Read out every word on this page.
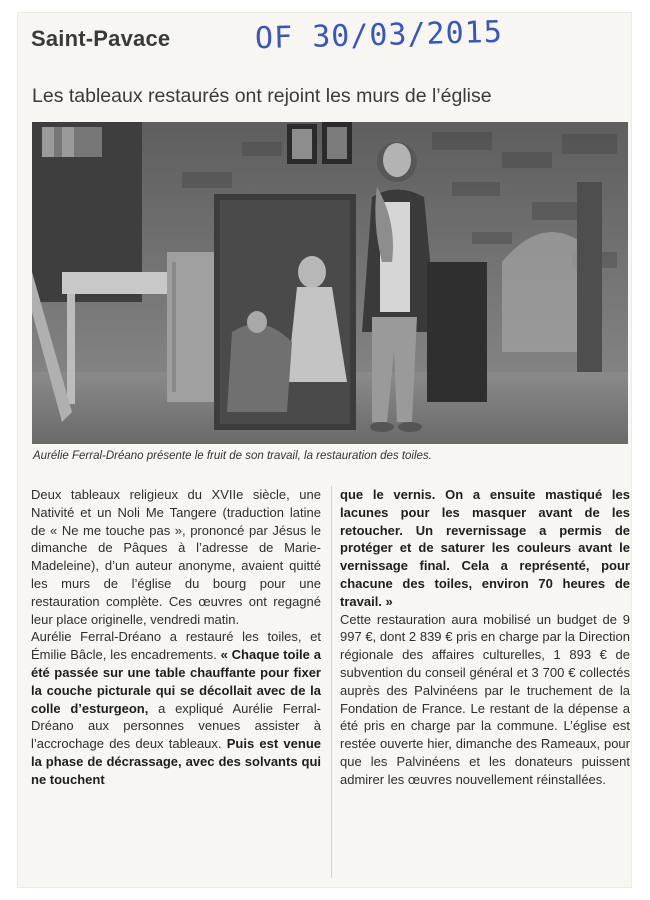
Saint-Pavace	OF 30/03/2015
Les tableaux restaurés ont rejoint les murs de l’église
Aurélie Ferral-Dréano présente le fruit de son travail, la restauration des toiles.

Deux tableaux religieux du XVIIe siècle, une Nativité et un Noli Me Tangere (traduction latine de « Ne me touche pas », prononcé par Jésus le dimanche de Pâques à l’adresse de Marie-Madeleine), d’un auteur anonyme, avaient quitté les murs de l’église du bourg pour une restauration complète. Ces œuvres ont regagné leur place originelle, vendredi matin.

Aurélie Ferral-Dréano a restauré les toiles, et Émilie Bâcle, les encadrements. « Chaque toile a été passée sur une table chauffante pour fixer la couche picturale qui se décollait avec de la colle d’esturgeon, a expliqué Aurélie Ferral-Dréano aux personnes venues assister à l’accrochage des deux tableaux. Puis est venue la phase de décrassage, avec des solvants qui ne touchent

que le vernis. On a ensuite mastiqué les lacunes pour les masquer avant de les retoucher. Un revernissage a permis de protéger et de saturer les couleurs avant le vernissage final. Cela a représenté, pour chacune des toiles, environ 70 heures de travail. »

Cette restauration aura mobilisé un budget de 9 997 €, dont 2 839 € pris en charge par la Direction régionale des affaires culturelles, 1 893 € de subvention du conseil général et 3 700 € collectés auprès des Palvinéens par le truchement de la Fondation de France. Le restant de la dépense a été pris en charge par la commune. L’église est restée ouverte hier, dimanche des Rameaux, pour que les Palvinéens et les donateurs puissent admirer les œuvres nouvellement réinstallées.
